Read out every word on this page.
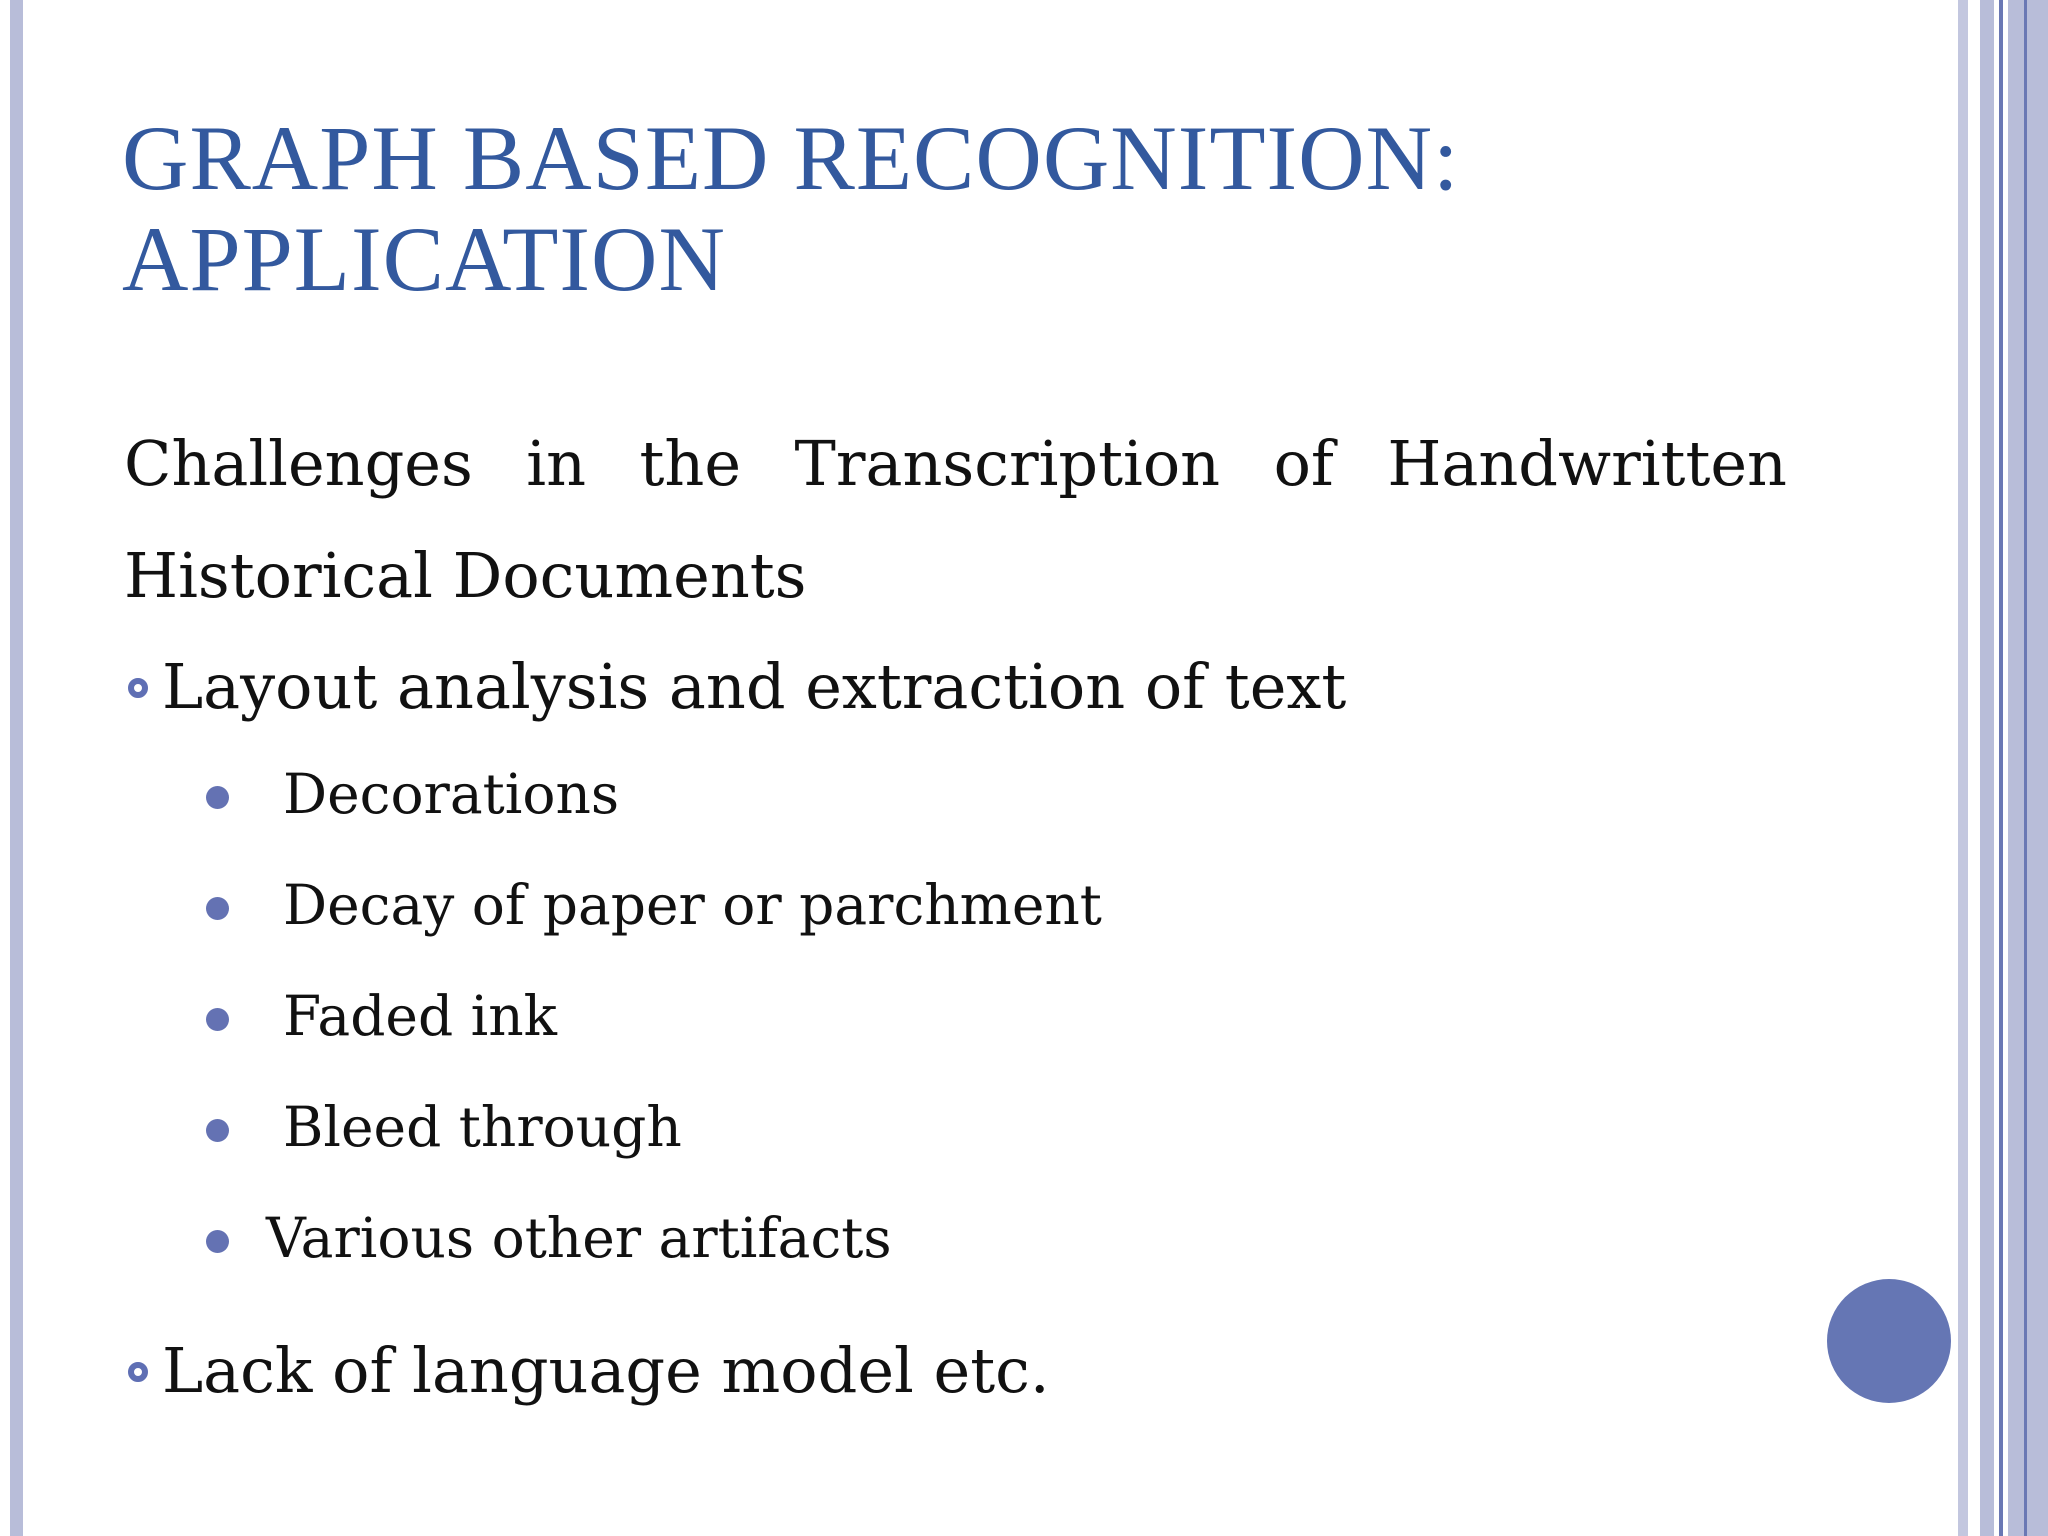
GRAPH BASED RECOGNITION:
APPLICATION
Challenges in the Transcription of Handwritten
Historical Documents
Layout analysis and extraction of text
Decorations
Decay of paper or parchment
Faded ink
Bleed through
Various other artifacts
Lack of language model etc.
